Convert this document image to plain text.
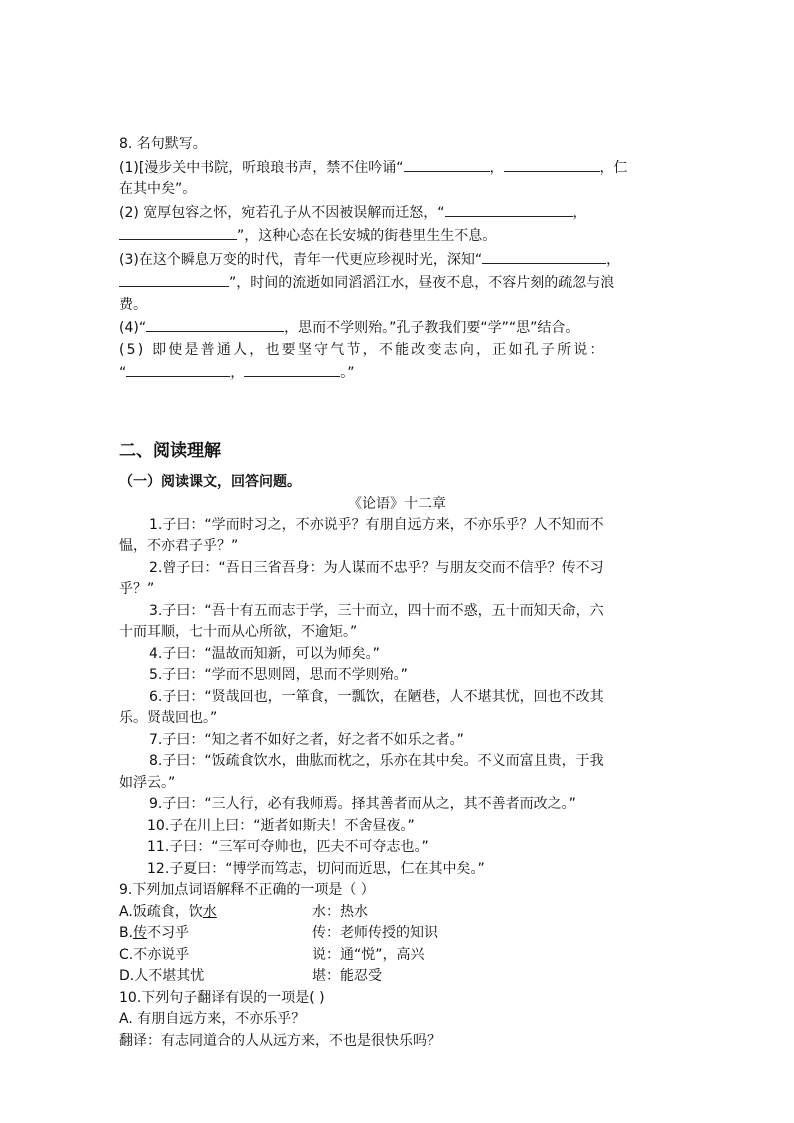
8. 名句默写。
(1)[漫步关中书院，听琅琅书声，禁不住吟诵“	，	，仁
在其中矣”。
(2) 宽厚包容之怀，宛若孔子从不因被误解而迁怒，“	，
”，这种心态在长安城的街巷里生生不息。
(3)在这个瞬息万变的时代，青年一代更应珍视时光，深知“	，
”，时间的流逝如同滔滔江水，昼夜不息，不容片刻的疏忽与浪
费。
(4)“	，思而不学则殆。”孔子教我们要“学”“思”结合。
(5) 即使是普通人，也要坚守气节，不能改变志向，正如孔子所说：
“	，	。”
二、阅读理解
（一）阅读课文，回答问题。
《论语》十二章
1.子曰：“学而时习之，不亦说乎？有朋自远方来，不亦乐乎？人不知而不
愠，不亦君子乎？”
2.曾子曰：“吾日三省吾身：为人谋而不忠乎？与朋友交而不信乎？传不习
乎？”
3.子曰：“吾十有五而志于学，三十而立，四十而不惑，五十而知天命，六
十而耳顺，七十而从心所欲，不逾矩。”
4.子曰：“温故而知新，可以为师矣。”
5.子曰：“学而不思则罔，思而不学则殆。”
6.子曰：“贤哉回也，一箪食，一瓢饮，在陋巷，人不堪其忧，回也不改其
乐。贤哉回也。”
7.子曰：“知之者不如好之者，好之者不如乐之者。”
8.子曰：“饭疏食饮水，曲肱而枕之，乐亦在其中矣。不义而富且贵，于我
如浮云。”
9.子曰：“三人行，必有我师焉。择其善者而从之，其不善者而改之。”
10.子在川上曰：“逝者如斯夫！不舍昼夜。”
11.子曰：“三军可夺帅也，匹夫不可夺志也。”
12.子夏曰：“博学而笃志，切问而近思，仁在其中矣。”
9.下列加点词语解释不正确的一项是（ ）
A.饭疏食，饮水	水：热水
B.传不习乎	传：老师传授的知识
C.不亦说乎	说：通“悦”，高兴
D.人不堪其忧	堪：能忍受
10.下列句子翻译有误的一项是( )
A. 有朋自远方来，不亦乐乎？
翻译：有志同道合的人从远方来，不也是很快乐吗？
